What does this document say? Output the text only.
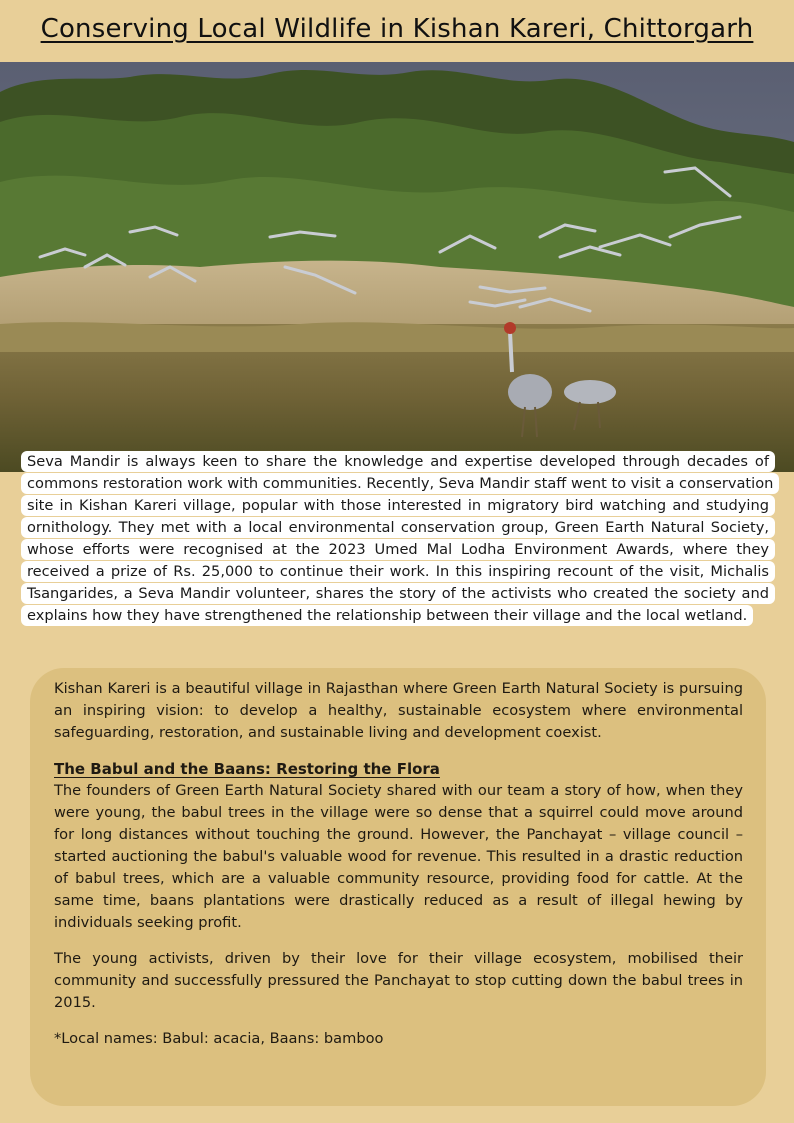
Conserving Local Wildlife in Kishan Kareri, Chittorgarh
Seva Mandir is always keen to share the knowledge and expertise developed through decades of commons restoration work with communities. Recently, Seva Mandir staff went to visit a conservation site in Kishan Kareri village, popular with those interested in migratory bird watching and studying ornithology. They met with a local environmental conservation group, Green Earth Natural Society, whose efforts were recognised at the 2023 Umed Mal Lodha Environment Awards, where they received a prize of Rs. 25,000 to continue their work. In this inspiring recount of the visit, Michalis Tsangarides, a Seva Mandir volunteer, shares the story of the activists who created the society and explains how they have strengthened the relationship between their village and the local wetland.

Kishan Kareri is a beautiful village in Rajasthan where Green Earth Natural Society is pursuing an inspiring vision: to develop a healthy, sustainable ecosystem where environmental safeguarding, restoration, and sustainable living and development coexist.

The Babul and the Baans: Restoring the Flora

The founders of Green Earth Natural Society shared with our team a story of how, when they were young, the babul trees in the village were so dense that a squirrel could move around for long distances without touching the ground. However, the Panchayat – village council – started auctioning the babul's valuable wood for revenue. This resulted in a drastic reduction of babul trees, which are a valuable community resource, providing food for cattle. At the same time, baans plantations were drastically reduced as a result of illegal hewing by individuals seeking profit.

The young activists, driven by their love for their village ecosystem, mobilised their community and successfully pressured the Panchayat to stop cutting down the babul trees in 2015.

*Local names: Babul: acacia, Baans: bamboo
